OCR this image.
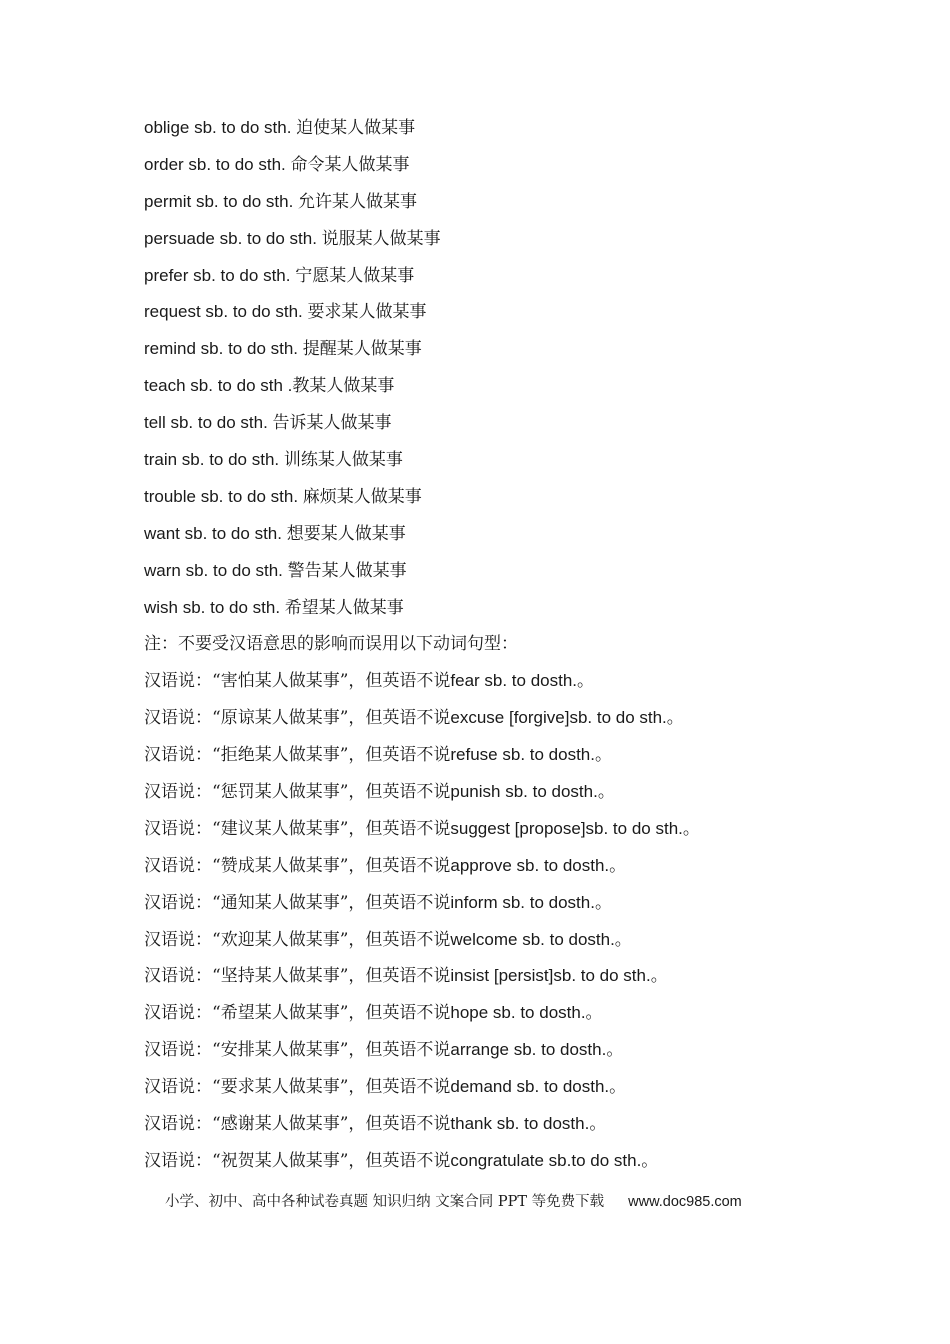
oblige sb. to do sth. 迫使某人做某事
order sb. to do sth. 命令某人做某事
permit sb. to do sth. 允许某人做某事
persuade sb. to do sth. 说服某人做某事
prefer sb. to do sth. 宁愿某人做某事
request sb. to do sth. 要求某人做某事
remind sb. to do sth. 提醒某人做某事
teach sb. to do sth .教某人做某事
tell sb. to do sth. 告诉某人做某事
train sb. to do sth. 训练某人做某事
trouble sb. to do sth. 麻烦某人做某事
want sb. to do sth. 想要某人做某事
warn sb. to do sth. 警告某人做某事
wish sb. to do sth. 希望某人做某事
注：不要受汉语意思的影响而误用以下动词句型：
汉语说：“害怕某人做某事”，但英语不说fear sb. to dosth.。
汉语说：“原谅某人做某事”，但英语不说excuse [forgive]sb. to do sth.。
汉语说：“拒绝某人做某事”，但英语不说refuse sb. to dosth.。
汉语说：“惩罚某人做某事”，但英语不说punish sb. to dosth.。
汉语说：“建议某人做某事”，但英语不说suggest [propose]sb. to do sth.。
汉语说：“赞成某人做某事”，但英语不说approve sb. to dosth.。
汉语说：“通知某人做某事”，但英语不说inform sb. to dosth.。
汉语说：“欢迎某人做某事”，但英语不说welcome sb. to dosth.。
汉语说：“坚持某人做某事”，但英语不说insist [persist]sb. to do sth.。
汉语说：“希望某人做某事”，但英语不说hope sb. to dosth.。
汉语说：“安排某人做某事”，但英语不说arrange sb. to dosth.。
汉语说：“要求某人做某事”，但英语不说demand sb. to dosth.。
汉语说：“感谢某人做某事”，但英语不说thank sb. to dosth.。
汉语说：“祝贺某人做某事”，但英语不说congratulate sb.to do sth.。
小学、初中、高中各种试卷真题 知识归纳 文案合同 PPT 等免费下载 www.doc985.com
